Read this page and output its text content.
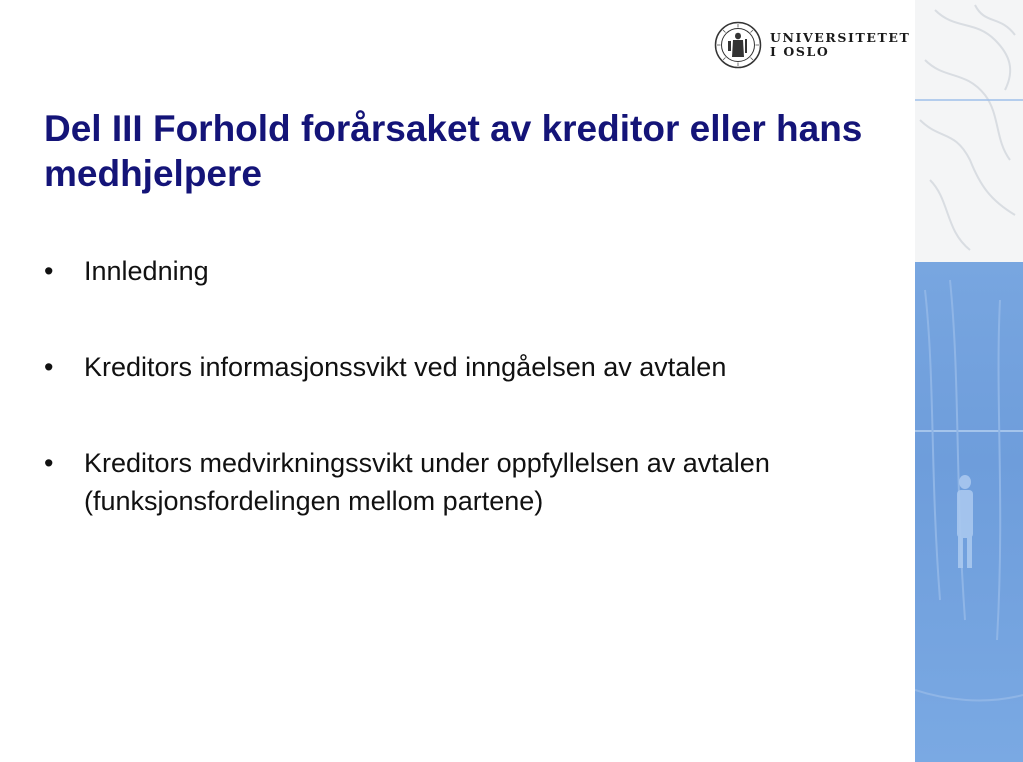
UNIVERSITETET
I OSLO
Del III Forhold forårsaket av kreditor eller hans medhjelpere
•	Innledning
•	Kreditors informasjonssvikt ved inngåelsen av avtalen
•	Kreditors medvirkningssvikt under oppfyllelsen av avtalen (funksjonsfordelingen mellom partene)
